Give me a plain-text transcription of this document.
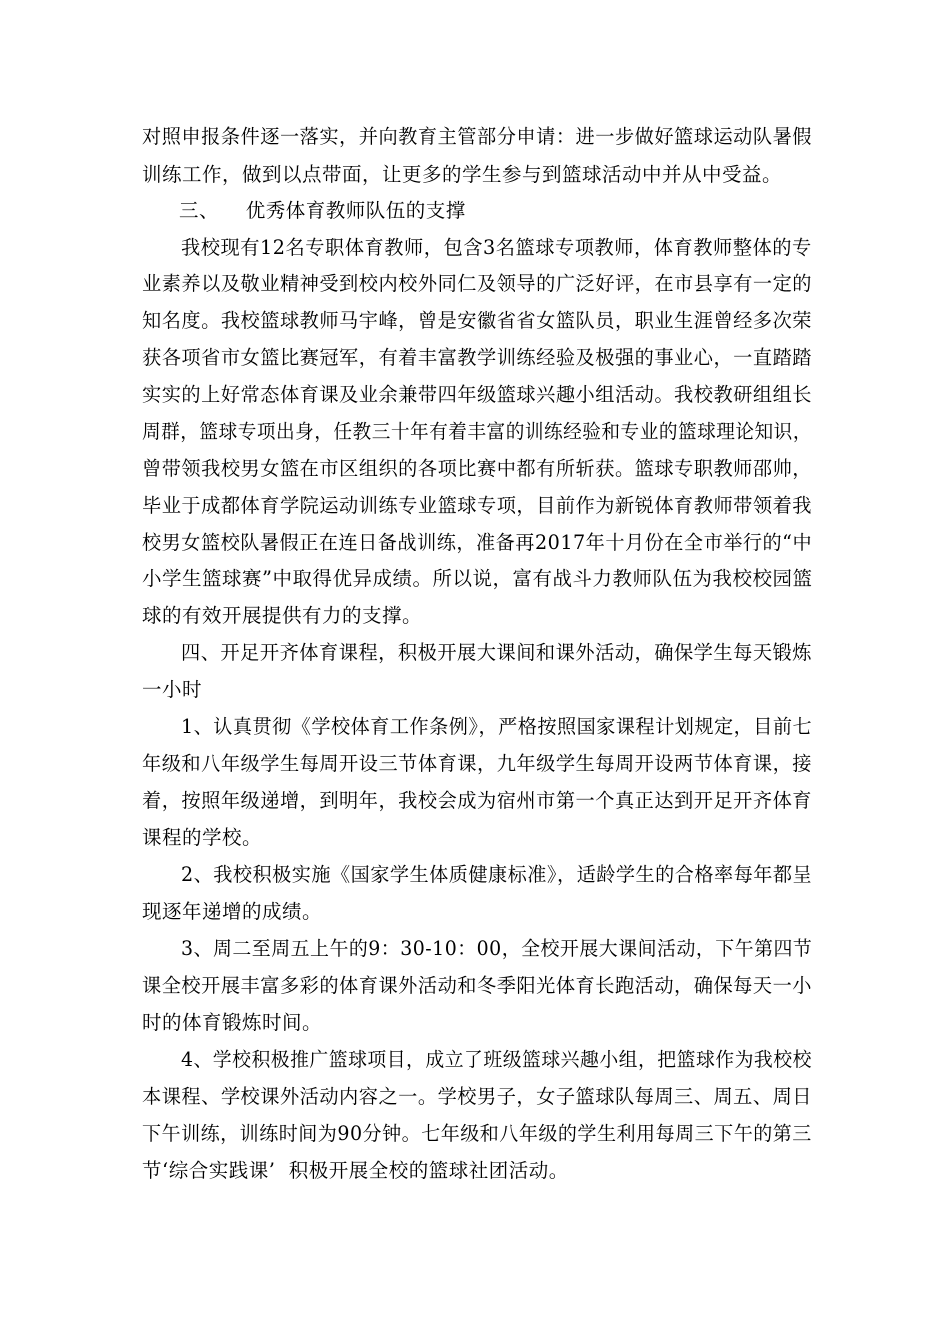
对照申报条件逐一落实，并向教育主管部分申请：进一步做好篮球运动队暑假
训练工作，做到以点带面，让更多的学生参与到篮球活动中并从中受益。
三、    优秀体育教师队伍的支撑
我校现有12名专职体育教师，包含3名篮球专项教师，体育教师整体的专
业素养以及敬业精神受到校内校外同仁及领导的广泛好评，在市县享有一定的
知名度。我校篮球教师马宇峰，曾是安徽省省女篮队员，职业生涯曾经多次荣
获各项省市女篮比赛冠军，有着丰富教学训练经验及极强的事业心，一直踏踏
实实的上好常态体育课及业余兼带四年级篮球兴趣小组活动。我校教研组组长
周群，篮球专项出身，任教三十年有着丰富的训练经验和专业的篮球理论知识，
曾带领我校男女篮在市区组织的各项比赛中都有所斩获。篮球专职教师邵帅，
毕业于成都体育学院运动训练专业篮球专项，目前作为新锐体育教师带领着我
校男女篮校队暑假正在连日备战训练，准备再2017年十月份在全市举行的“中
小学生篮球赛”中取得优异成绩。所以说，富有战斗力教师队伍为我校校园篮
球的有效开展提供有力的支撑。
四、开足开齐体育课程，积极开展大课间和课外活动，确保学生每天锻炼
一小时
1、认真贯彻《学校体育工作条例》，严格按照国家课程计划规定，目前七
年级和八年级学生每周开设三节体育课，九年级学生每周开设两节体育课，接
着，按照年级递增，到明年，我校会成为宿州市第一个真正达到开足开齐体育
课程的学校。
2、我校积极实施《国家学生体质健康标准》，适龄学生的合格率每年都呈
现逐年递增的成绩。
3、周二至周五上午的9：30-10：00，全校开展大课间活动，下午第四节
课全校开展丰富多彩的体育课外活动和冬季阳光体育长跑活动，确保每天一小
时的体育锻炼时间。
4、学校积极推广篮球项目，成立了班级篮球兴趣小组，把篮球作为我校校
本课程、学校课外活动内容之一。学校男子，女子篮球队每周三、周五、周日
下午训练，训练时间为90分钟。七年级和八年级的学生利用每周三下午的第三
节‘综合实践课’  积极开展全校的篮球社团活动。
